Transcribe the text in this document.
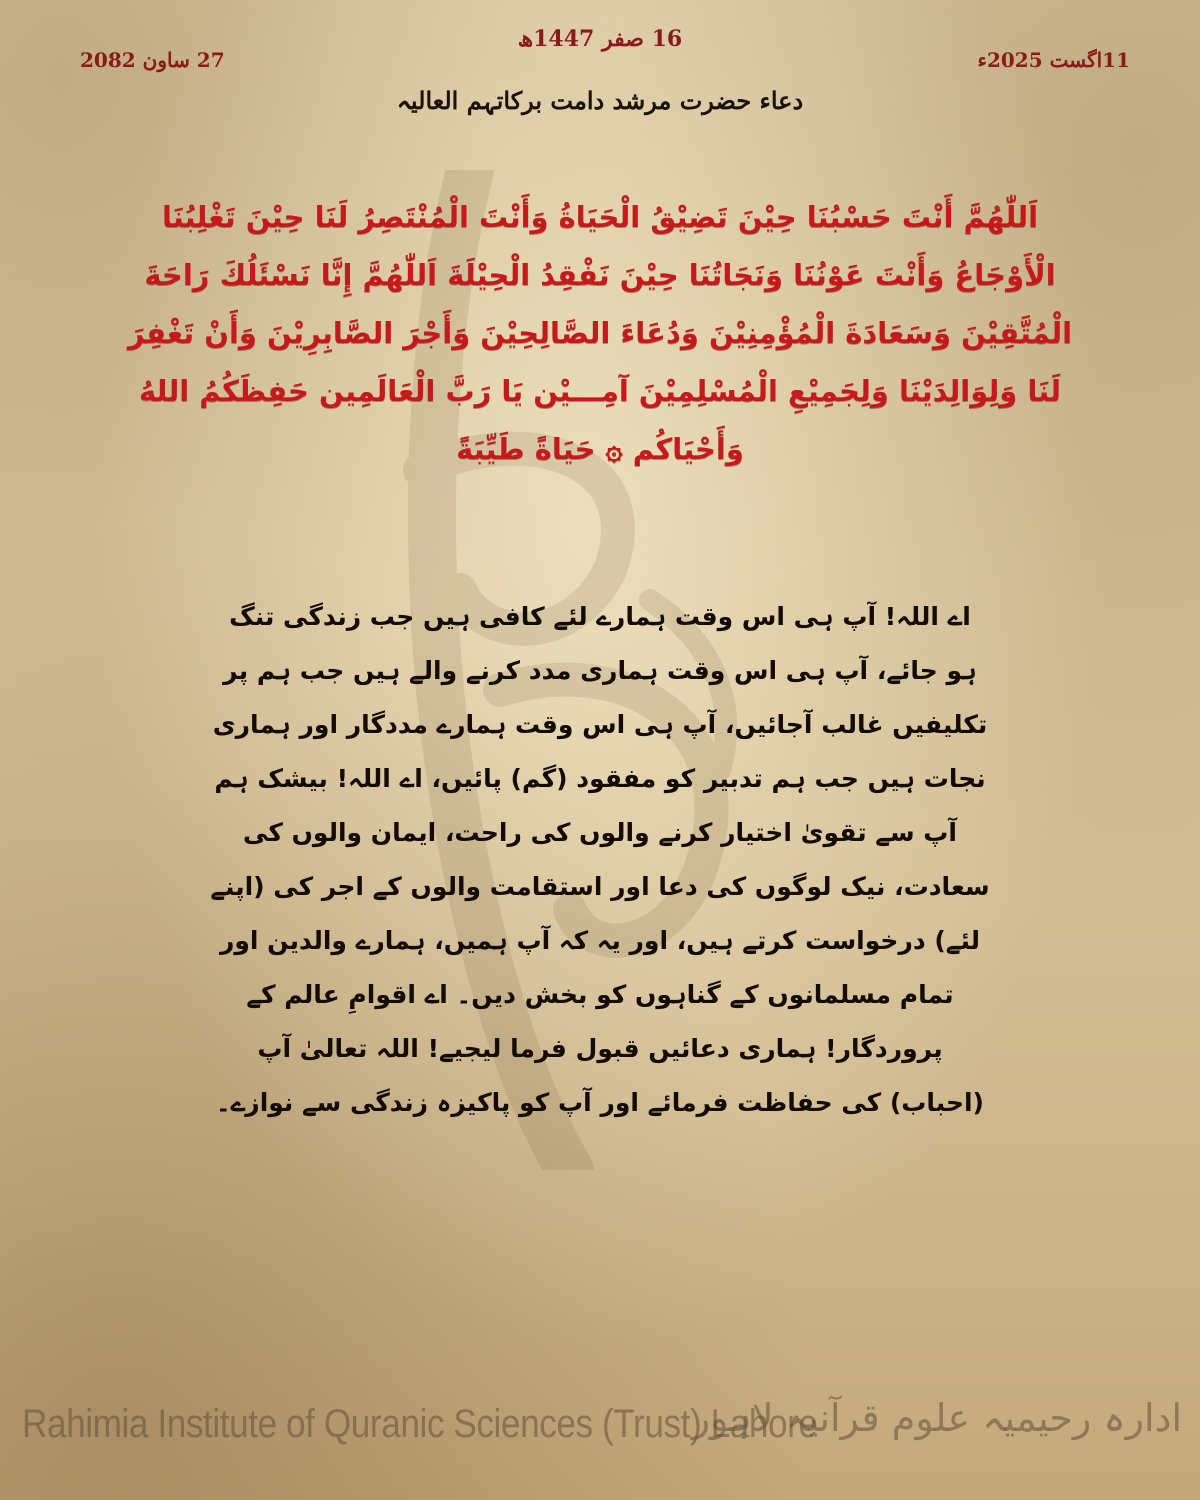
16 صفر 1447ھ
11اگست 2025ء
27 ساون 2082
دعاء حضرت مرشد دامت برکاتہم العالیہ
اَللّٰهُمَّ أَنْتَ حَسْبُنَا حِيْنَ تَضِيْقُ الْحَيَاةُ وَأَنْتَ الْمُنْتَصِرُ لَنَا حِيْنَ تَغْلِبُنَا الْأَوْجَاعُ وَأَنْتَ عَوْنُنَا وَنَجَاتُنَا حِيْنَ نَفْقِدُ الْحِيْلَةَ اَللّٰهُمَّ إِنَّا نَسْئَلُكَ رَاحَةَ الْمُتَّقِيْنَ وَسَعَادَةَ الْمُؤْمِنِيْنَ وَدُعَاءَ الصَّالِحِيْنَ وَأَجْرَ الصَّابِرِيْنَ وَأَنْ تَغْفِرَ لَنَا وَلِوَالِدَيْنَا وَلِجَمِيْعِ الْمُسْلِمِيْنَ آمِـــيْن يَا رَبَّ الْعَالَمِين حَفِظَكُمُ اللهُ وَأَحْيَاكُم ۞ حَيَاةً طَيِّبَةً
اے اللہ! آپ ہی اس وقت ہمارے لئے کافی ہیں جب زندگی تنگ ہو جائے، آپ ہی اس وقت ہماری مدد کرنے والے ہیں جب ہم پر تکلیفیں غالب آجائیں، آپ ہی اس وقت ہمارے مددگار اور ہماری نجات ہیں جب ہم تدبیر کو مفقود (گم) پائیں، اے اللہ! بیشک ہم آپ سے تقویٰ اختیار کرنے والوں کی راحت، ایمان والوں کی سعادت، نیک لوگوں کی دعا اور استقامت والوں کے اجر کی (اپنے لئے) درخواست کرتے ہیں، اور یہ کہ آپ ہمیں، ہمارے والدین اور تمام مسلمانوں کے گناہوں کو بخش دیں۔ اے اقوامِ عالم کے پروردگار! ہماری دعائیں قبول فرما لیجیے! اللہ تعالیٰ آپ (احباب) کی حفاظت فرمائے اور آپ کو پاکیزہ زندگی سے نوازے۔
Rahimia Institute of Quranic Sciences (Trust) Lahore
ادارہ رحیمیہ علوم قرآنیہ لاہور
